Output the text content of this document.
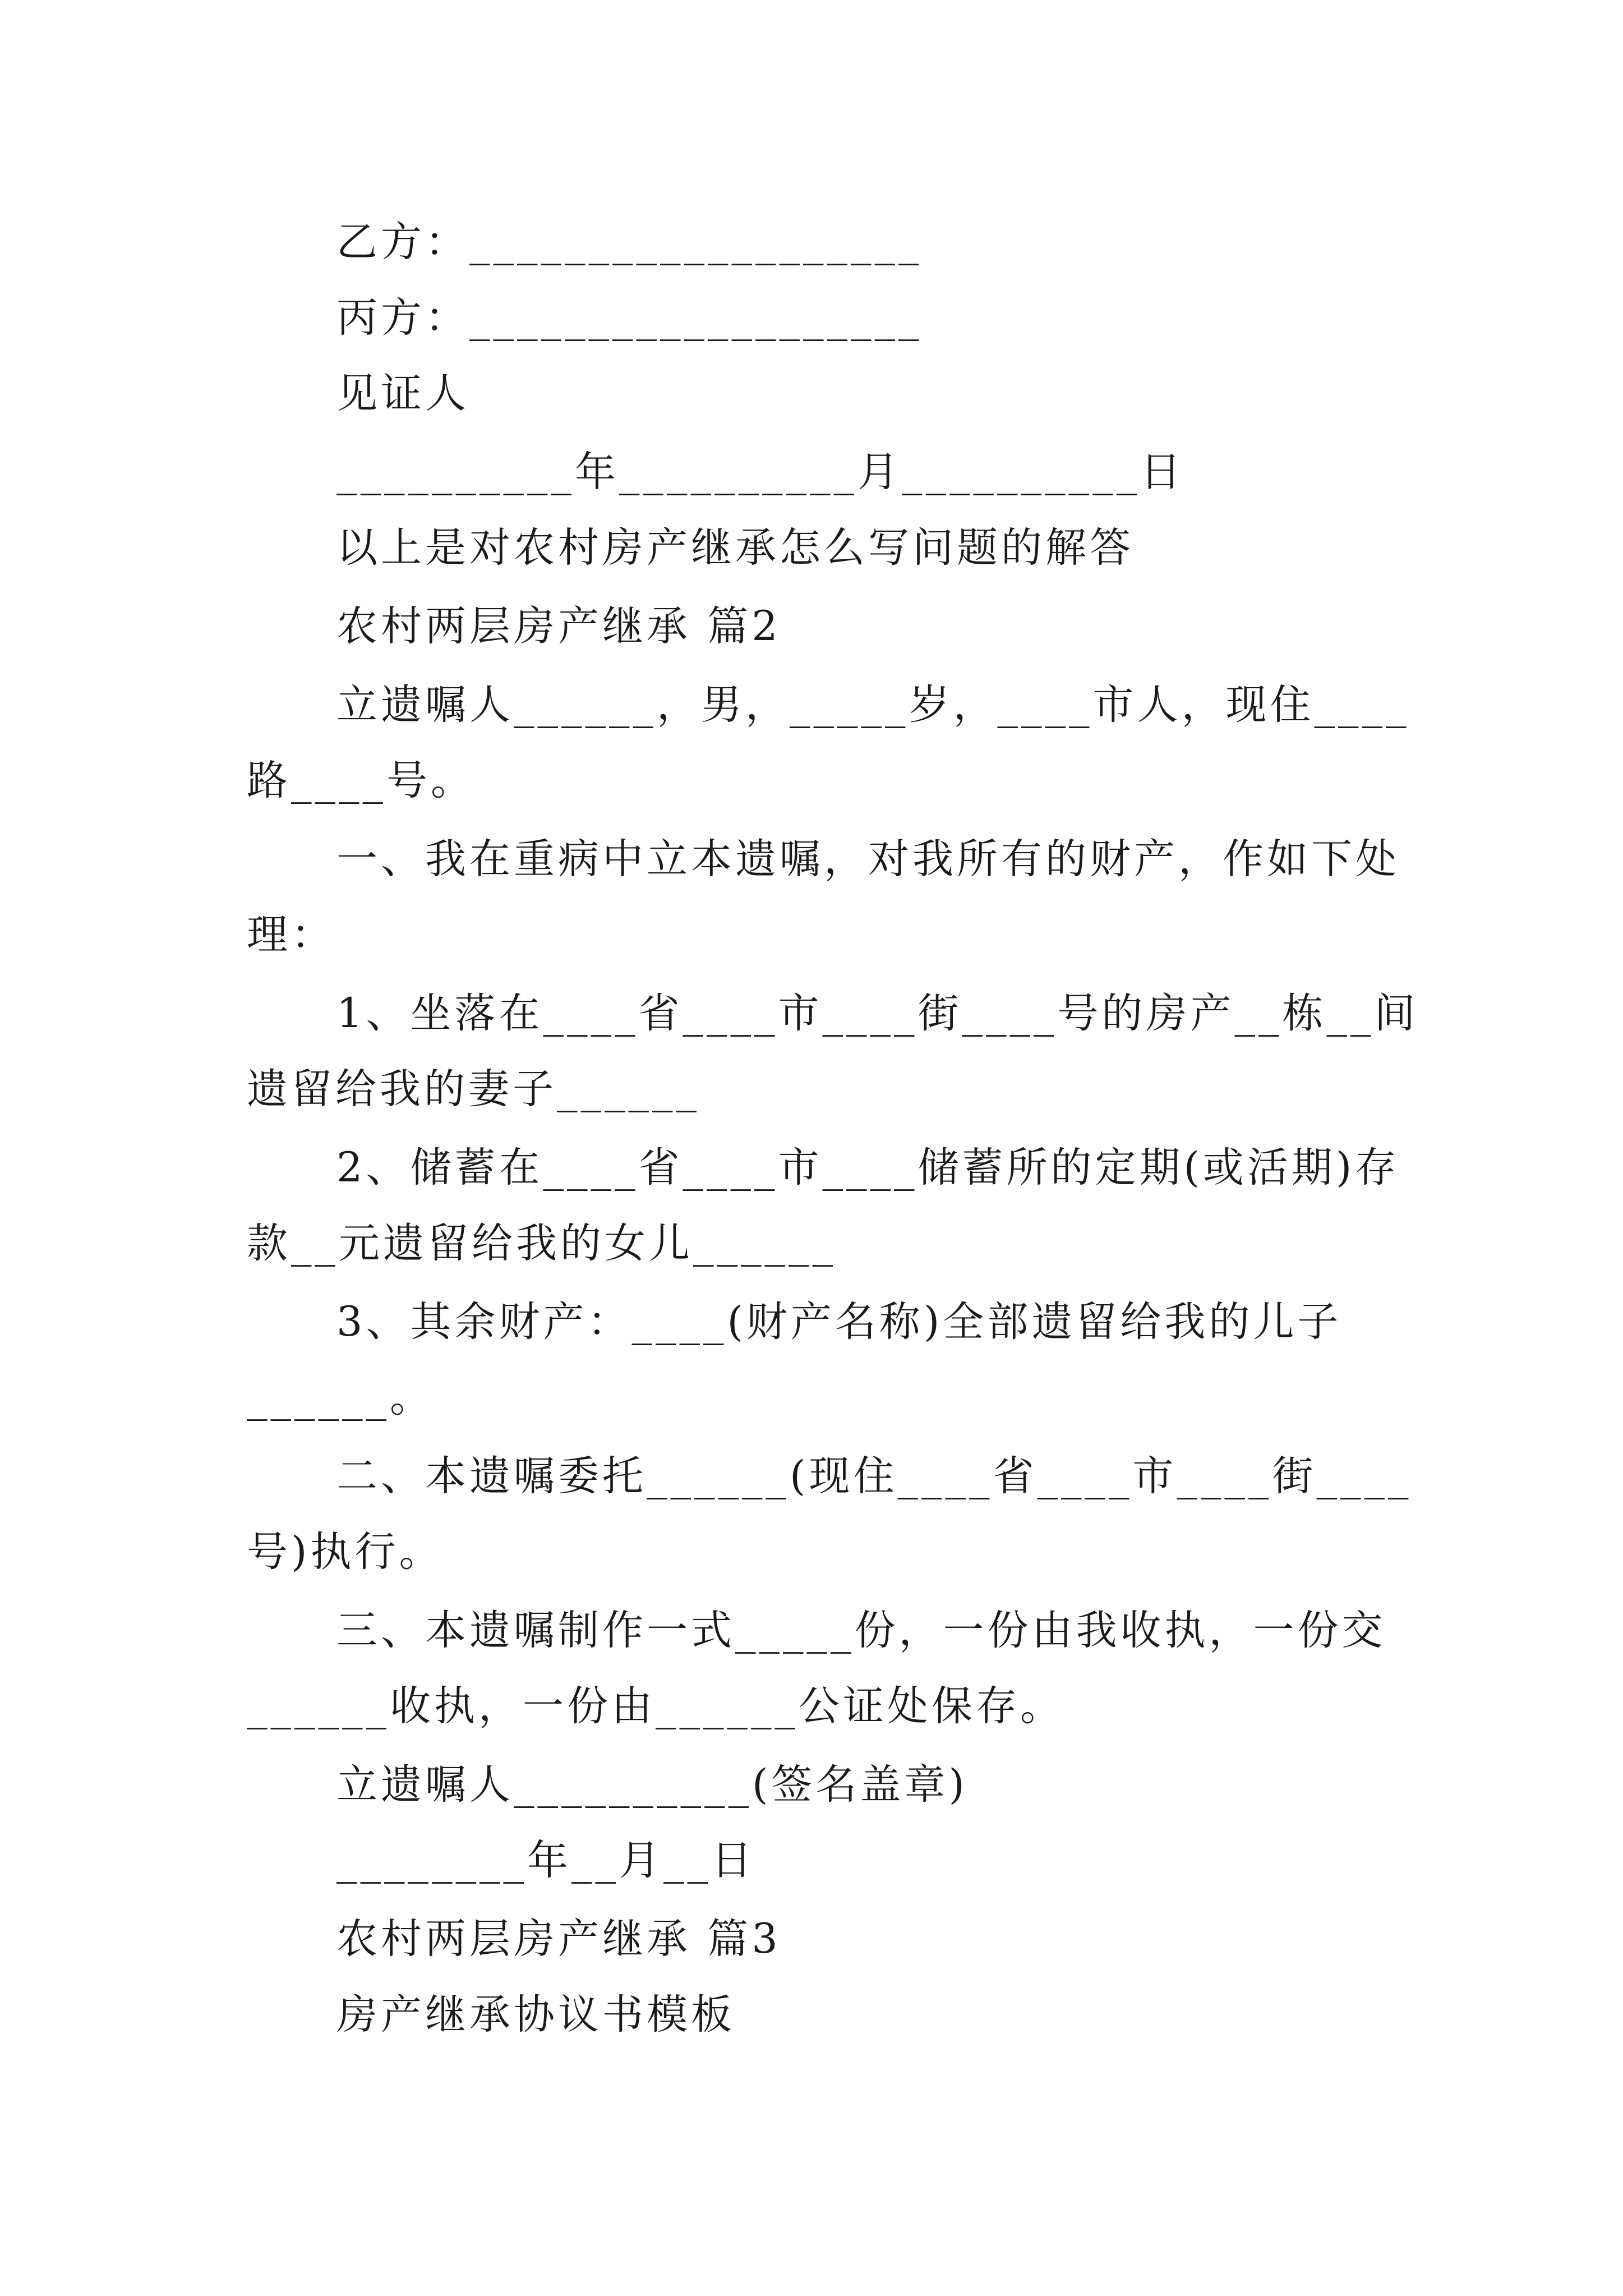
乙方：___________________
丙方：___________________
见证人
__________年__________月__________日
以上是对农村房产继承怎么写问题的解答
农村两层房产继承 篇2
立遗嘱人______，男，_____岁，____市人，现住____
路____号。
一、我在重病中立本遗嘱，对我所有的财产，作如下处
理：
1、坐落在____省____市____街____号的房产__栋__间
遗留给我的妻子______
2、储蓄在____省____市____储蓄所的定期(或活期)存
款__元遗留给我的女儿______
3、其余财产：____(财产名称)全部遗留给我的儿子
______。
二、本遗嘱委托______(现住____省____市____街____
号)执行。
三、本遗嘱制作一式_____份，一份由我收执，一份交
______收执，一份由______公证处保存。
立遗嘱人__________(签名盖章)
________年__月__日
农村两层房产继承 篇3
房产继承协议书模板
